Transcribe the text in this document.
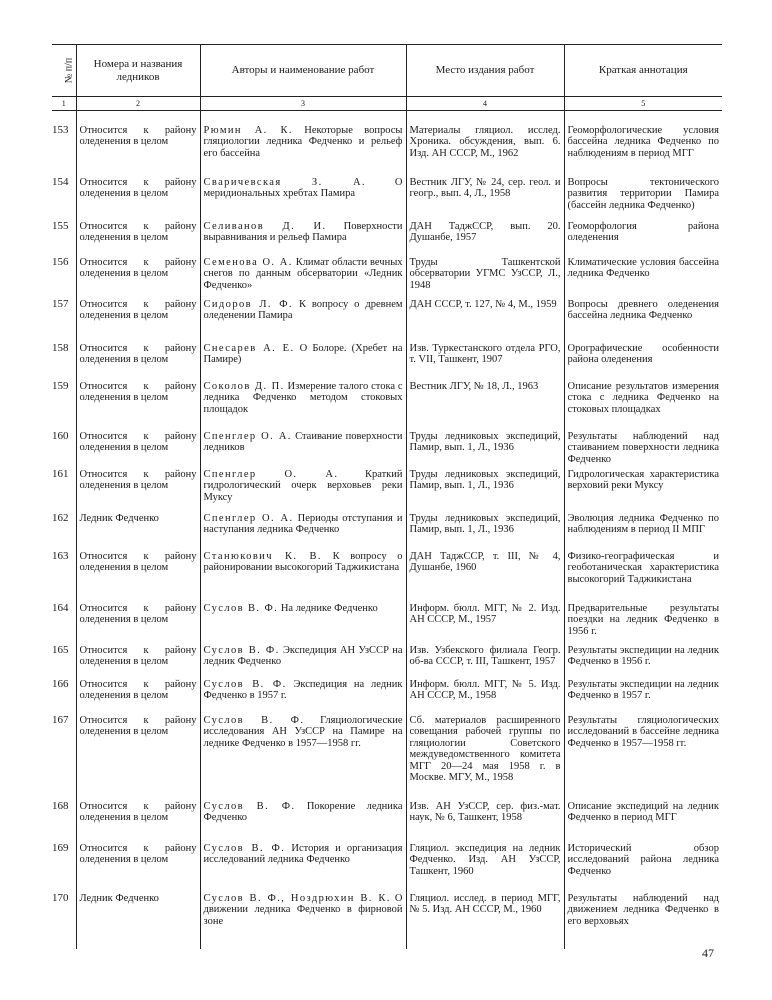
№ п/п	Номера и названия ледников	Авторы и наименование работ	Место издания работ	Краткая аннотация
1	2	3	4	5

153	Относится к району оледенения в целом	Рюмин А. К. Некоторые вопросы гляциологии ледника Федченко и рельеф его бассейна	Материалы гляциол. исслед. Хроника. обсуждения, вып. 6. Изд. АН СССР, М., 1962	Геоморфологические условия бассейна ледника Федченко по наблюдениям в период МГГ
154	Относится к району оледенения в целом	Сваричевская З. А. О меридиональных хребтах Памира	Вестник ЛГУ, № 24, сер. геол. и геогр., вып. 4, Л., 1958	Вопросы тектонического развития территории Памира (бассейн ледника Федченко)
155	Относится к району оледенения в целом	Селиванов Д. И. Поверхности выравнивания и рельеф Памира	ДАН ТаджССР, вып. 20. Душанбе, 1957	Геоморфология района оледенения
156	Относится к району оледенения в целом	Семенова О. А. Климат области вечных снегов по данным обсерватории «Ледник Федченко»	Труды Ташкентской обсерватории УГМС УзССР, Л., 1948	Климатические условия бассейна ледника Федченко
157	Относится к району оледенения в целом	Сидоров Л. Ф. К вопросу о древнем оледенении Памира	ДАН СССР, т. 127, № 4, М., 1959	Вопросы древнего оледенения бассейна ледника Федченко
158	Относится к району оледенения в целом	Снесарев А. Е. О Болоре. (Хребет на Памире)	Изв. Туркестанского отдела РГО, т. VII, Ташкент, 1907	Орографические особенности района оледенения
159	Относится к району оледенения в целом	Соколов Д. П. Измерение талого стока с ледника Федченко методом стоковых площадок	Вестник ЛГУ, № 18, Л., 1963	Описание результатов измерения стока с ледника Федченко на стоковых площадках
160	Относится к району оледенения в целом	Спенглер О. А. Стаивание поверхности ледников	Труды ледниковых экспедиций, Памир, вып. 1, Л., 1936	Результаты наблюдений над стаиванием поверхности ледника Федченко
161	Относится к району оледенения в целом	Спенглер О. А. Краткий гидрологический очерк верховьев реки Муксу	Труды ледниковых экспедиций, Памир, вып. 1, Л., 1936	Гидрологическая характеристика верховий реки Муксу
162	Ледник Федченко	Спенглер О. А. Периоды отступания и наступания ледника Федченко	Труды ледниковых экспедиций, Памир, вып. 1, Л., 1936	Эволюция ледника Федченко по наблюдениям в период II МПГ
163	Относится к району оледенения в целом	Станюкович К. В. К вопросу о районировании высокогорий Таджикистана	ДАН ТаджССР, т. III, № 4, Душанбе, 1960	Физико-географическая и геоботаническая характеристика высокогорий Таджикистана
164	Относится к району оледенения в целом	Суслов В. Ф. На леднике Федченко	Информ. бюлл. МГГ, № 2. Изд. АН СССР, М., 1957	Предварительные результаты поездки на ледник Федченко в 1956 г.
165	Относится к району оледенения в целом	Суслов В. Ф. Экспедиция АН УзССР на ледник Федченко	Изв. Узбекского филиала Геогр. об-ва СССР, т. III, Ташкент, 1957	Результаты экспедиции на ледник Федченко в 1956 г.
166	Относится к району оледенения в целом	Суслов В. Ф. Экспедиция на ледник Федченко в 1957 г.	Информ. бюлл. МГГ, № 5. Изд. АН СССР, М., 1958	Результаты экспедиции на ледник Федченко в 1957 г.
167	Относится к району оледенения в целом	Суслов В. Ф. Гляциологические исследования АН УзССР на Памире на леднике Федченко в 1957—1958 гг.	Сб. материалов расширенного совещания рабочей группы по гляциологии Советского междуведомственного комитета МГГ 20—24 мая 1958 г. в Москве. МГУ, М., 1958	Результаты гляциологических исследований в бассейне ледника Федченко в 1957—1958 гг.
168	Относится к району оледенения в целом	Суслов В. Ф. Покорение ледника Федченко	Изв. АН УзССР, сер. физ.-мат. наук, № 6, Ташкент, 1958	Описание экспедиций на ледник Федченко в период МГГ
169	Относится к району оледенения в целом	Суслов В. Ф. История и организация исследований ледника Федченко	Гляциол. экспедиция на ледник Федченко. Изд. АН УзССР, Ташкент, 1960	Исторический обзор исследований района ледника Федченко
170	Ледник Федченко	Суслов В. Ф., Ноздрюхин В. К. О движении ледника Федченко в фирновой зоне	Гляциол. исслед. в период МГГ, № 5. Изд. АН СССР, М., 1960	Результаты наблюдений над движением ледника Федченко в его верховьях
47
